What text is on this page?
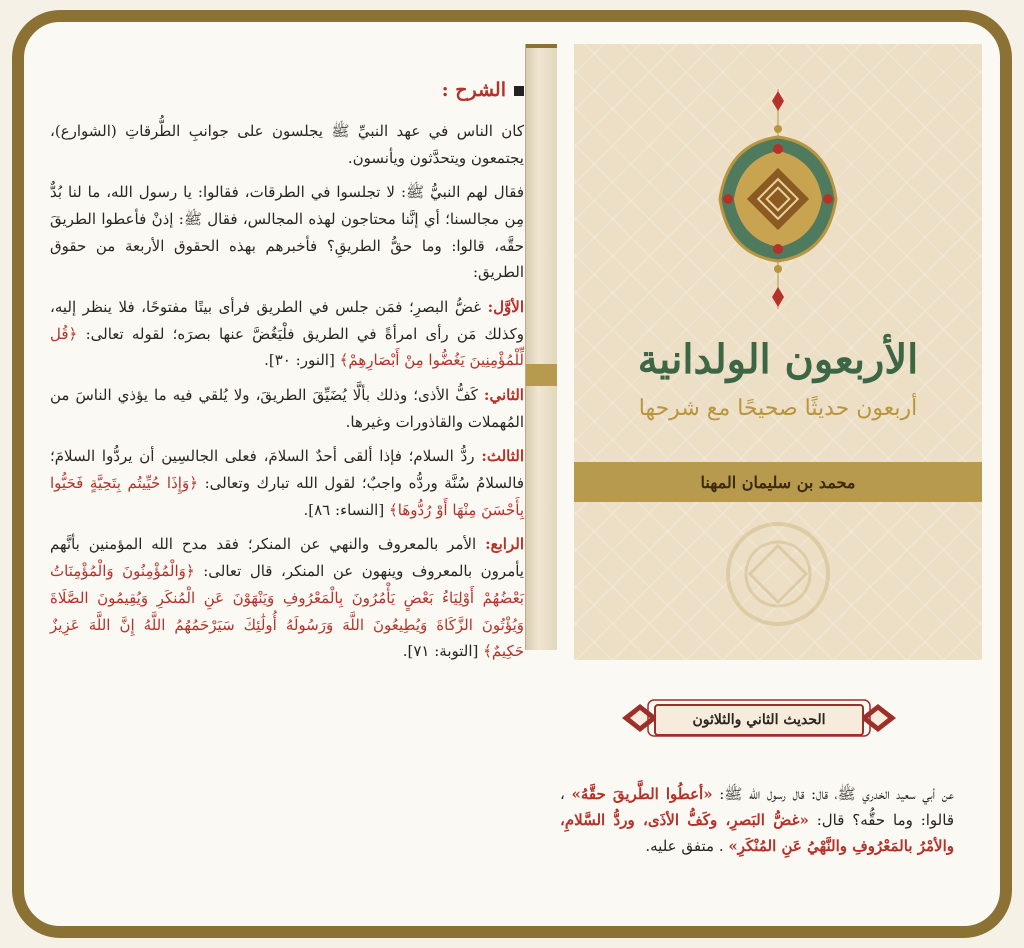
الشرح :

كان الناس في عهد النبيِّ ﷺ يجلسون على جوانبِ الطُّرقاتِ (الشوارع)، يجتمعون ويتحدَّثون ويأنسون.

فقال لهم النبيُّ ﷺ: لا تجلسوا في الطرقات، فقالوا: يا رسول الله، ما لنا بُدٌّ مِن مجالسنا؛ أي إنَّنا محتاجون لهذه المجالس، فقال ﷺ: إذنْ فأعطوا الطريقَ حقَّه، قالوا: وما حقُّ الطريقِ؟ فأخبرهم بهذه الحقوق الأربعة من حقوق الطريق:

الأوَّل: غضُّ البصرِ؛ فمَن جلس في الطريق فرأى بيتًا مفتوحًا، فلا ينظر إليه، وكذلك مَن رأى امرأةً في الطريق فلْيَغُضَّ عنها بصرَه؛ لقوله تعالى: ﴿قُل لِّلْمُؤْمِنِينَ يَغُضُّوا مِنْ أَبْصَارِهِمْ﴾ [النور: ٣٠].

الثاني: كَفُّ الأذى؛ وذلك بألَّا يُضَيِّقَ الطريقَ، ولا يُلقي فيه ما يؤذي الناسَ من المُهملات والقاذورات وغيرها.

الثالث: ردُّ السلام؛ فإذا ألقى أحدٌ السلامَ، فعلى الجالسِين أن يردُّوا السلامَ؛ فالسلامُ سُنَّة وردُّه واجبٌ؛ لقول الله تبارك وتعالى: ﴿وَإِذَا حُيِّيتُم بِتَحِيَّةٍ فَحَيُّوا بِأَحْسَنَ مِنْهَا أَوْ رُدُّوهَا﴾ [النساء: ٨٦].

الرابع: الأمر بالمعروف والنهي عن المنكر؛ فقد مدح الله المؤمنين بأنَّهم يأمرون بالمعروف وينهون عن المنكر، قال تعالى: ﴿وَالْمُؤْمِنُونَ وَالْمُؤْمِنَاتُ بَعْضُهُمْ أَوْلِيَاءُ بَعْضٍ يَأْمُرُونَ بِالْمَعْرُوفِ وَيَنْهَوْنَ عَنِ الْمُنكَرِ وَيُقِيمُونَ الصَّلَاةَ وَيُؤْتُونَ الزَّكَاةَ وَيُطِيعُونَ اللَّهَ وَرَسُولَهُ أُولَٰئِكَ سَيَرْحَمُهُمُ اللَّهُ إِنَّ اللَّهَ عَزِيزٌ حَكِيمٌ﴾ [التوبة: ٧١].

الأربعون الولدانية
أربعون حديثًا صحيحًا مع شرحها
محمد بن سليمان المهنا
الحديث الثاني والثلاثون
عن أبي سعيد الخدري ﷺ، قال: قال رسول الله ﷺ: «أعطُوا الطَّريقَ حقَّهُ» ، قالوا: وما حقُّه؟ قال: «غضُّ البَصرِ، وكَفُّ الأذَى، وردُّ السَّلامِ، والأمْرُ بالمَعْرُوفِ والنَّهْيُ عَنِ المُنْكَرِ» . متفق عليه.
